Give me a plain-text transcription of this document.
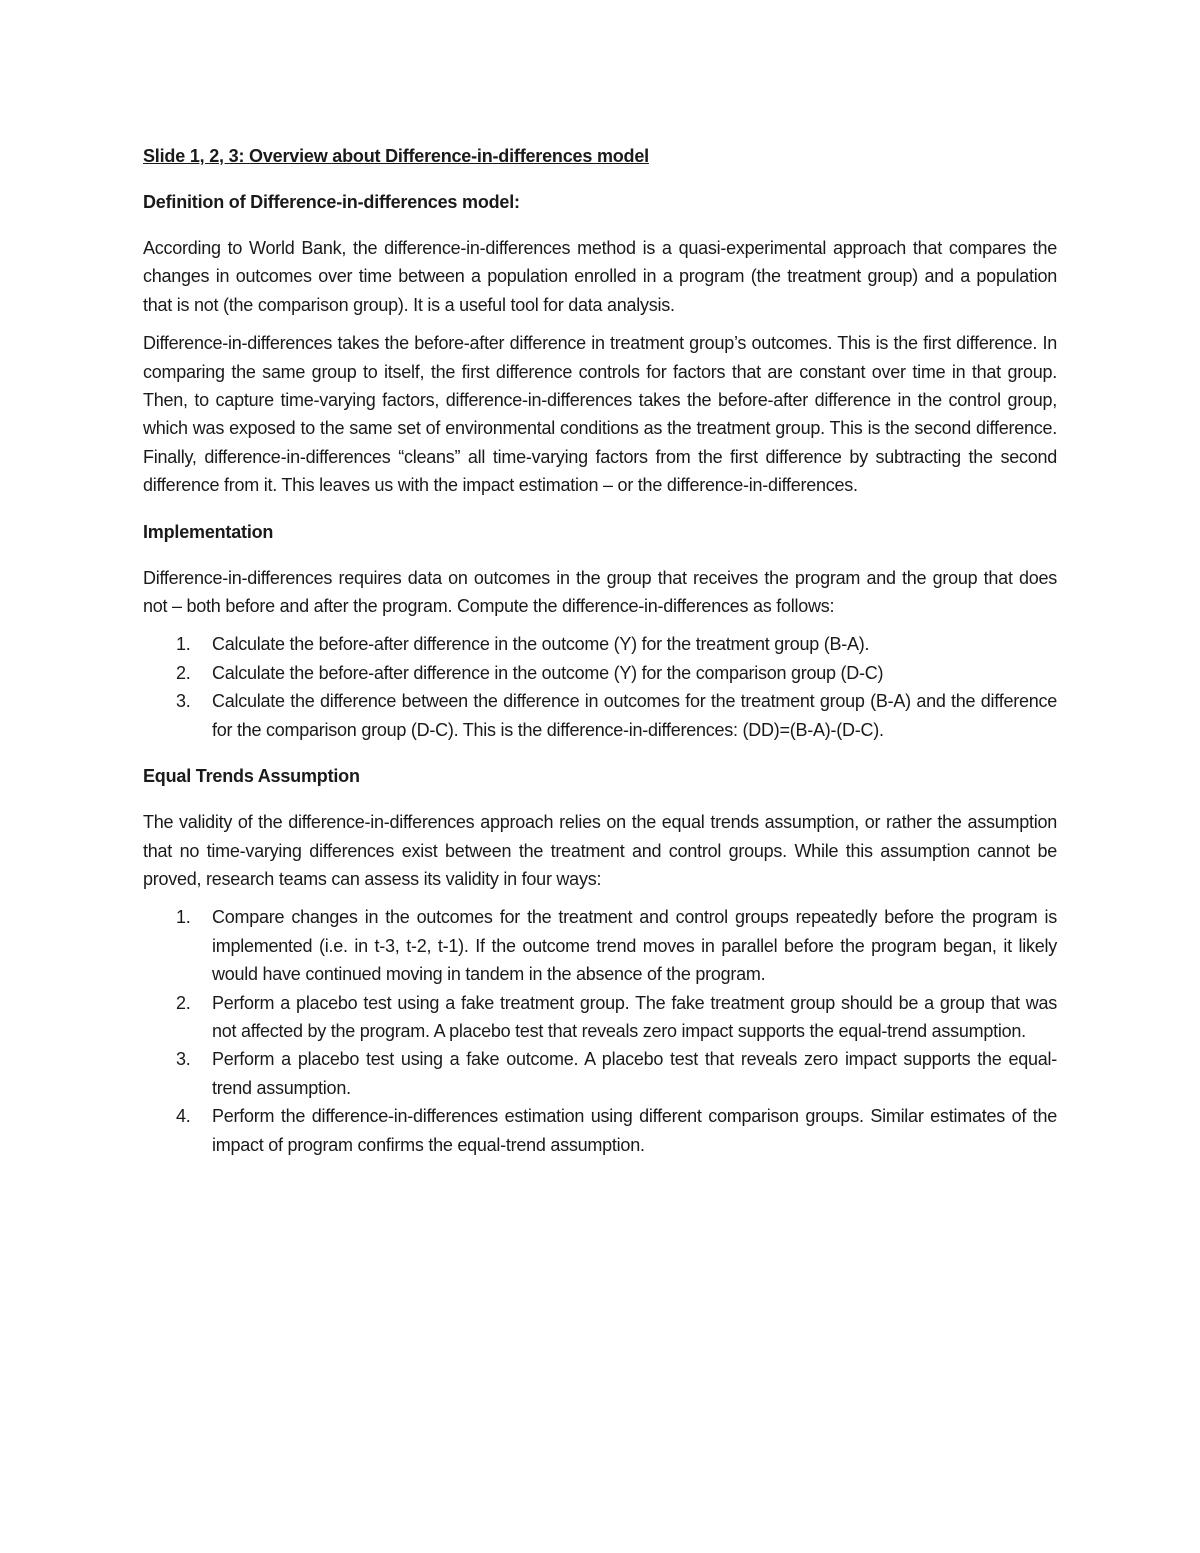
Slide 1, 2, 3: Overview about Difference-in-differences model
Definition of Difference-in-differences model:

According to World Bank, the difference-in-differences method is a quasi-experimental approach that compares the changes in outcomes over time between a population enrolled in a program (the treatment group) and a population that is not (the comparison group). It is a useful tool for data analysis.

Difference-in-differences takes the before-after difference in treatment group’s outcomes. This is the first difference. In comparing the same group to itself, the first difference controls for factors that are constant over time in that group. Then, to capture time-varying factors, difference-in-differences takes the before-after difference in the control group, which was exposed to the same set of environmental conditions as the treatment group. This is the second difference. Finally, difference-in-differences “cleans” all time-varying factors from the first difference by subtracting the second difference from it. This leaves us with the impact estimation – or the difference-in-differences.

Implementation

Difference-in-differences requires data on outcomes in the group that receives the program and the group that does not – both before and after the program. Compute the difference-in-differences as follows:

1. Calculate the before-after difference in the outcome (Y) for the treatment group (B-A).
2. Calculate the before-after difference in the outcome (Y) for the comparison group (D-C)
3. Calculate the difference between the difference in outcomes for the treatment group (B-A) and the difference for the comparison group (D-C). This is the difference-in-differences: (DD)=(B-A)-(D-C).
Equal Trends Assumption

The validity of the difference-in-differences approach relies on the equal trends assumption, or rather the assumption that no time-varying differences exist between the treatment and control groups. While this assumption cannot be proved, research teams can assess its validity in four ways:

1. Compare changes in the outcomes for the treatment and control groups repeatedly before the program is implemented (i.e. in t-3, t-2, t-1). If the outcome trend moves in parallel before the program began, it likely would have continued moving in tandem in the absence of the program.
2. Perform a placebo test using a fake treatment group. The fake treatment group should be a group that was not affected by the program. A placebo test that reveals zero impact supports the equal-trend assumption.
3. Perform a placebo test using a fake outcome. A placebo test that reveals zero impact supports the equal-trend assumption.
4. Perform the difference-in-differences estimation using different comparison groups. Similar estimates of the impact of program confirms the equal-trend assumption.
